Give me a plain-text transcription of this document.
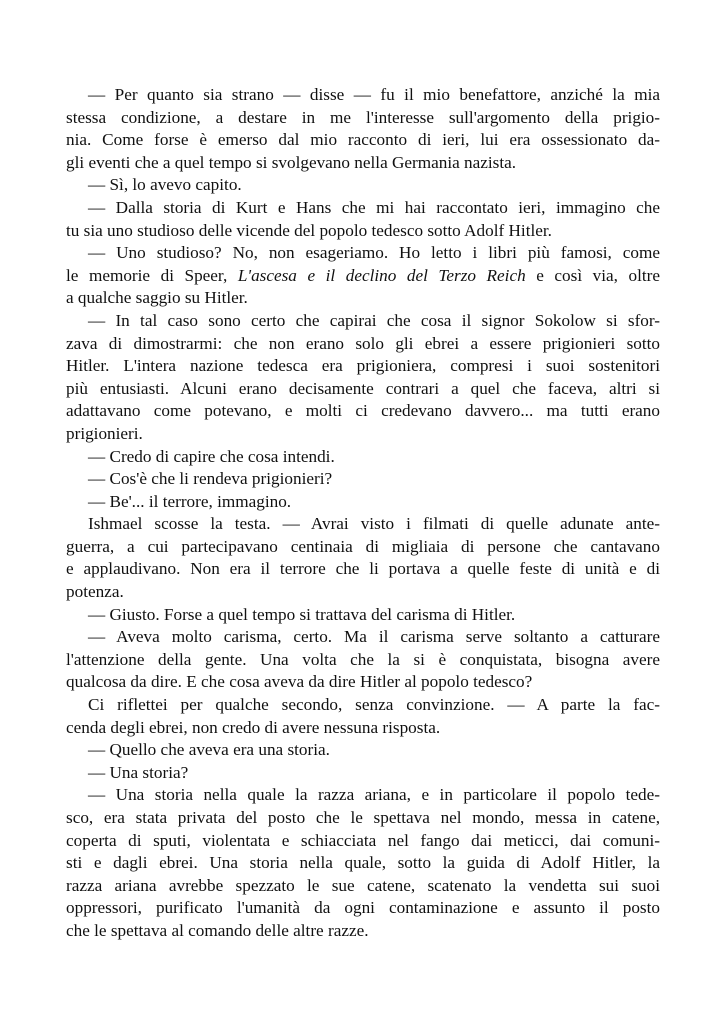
— Per quanto sia strano — disse — fu il mio benefattore, anziché la mia
stessa condizione, a destare in me l'interesse sull'argomento della prigio-
nia. Come forse è emerso dal mio racconto di ieri, lui era ossessionato da-
gli eventi che a quel tempo si svolgevano nella Germania nazista.
— Sì, lo avevo capito.
— Dalla storia di Kurt e Hans che mi hai raccontato ieri, immagino che
tu sia uno studioso delle vicende del popolo tedesco sotto Adolf Hitler.
— Uno studioso? No, non esageriamo. Ho letto i libri più famosi, come
le memorie di Speer, L'ascesa e il declino del Terzo Reich e così via, oltre
a qualche saggio su Hitler.
— In tal caso sono certo che capirai che cosa il signor Sokolow si sfor-
zava di dimostrarmi: che non erano solo gli ebrei a essere prigionieri sotto
Hitler. L'intera nazione tedesca era prigioniera, compresi i suoi sostenitori
più entusiasti. Alcuni erano decisamente contrari a quel che faceva, altri si
adattavano come potevano, e molti ci credevano davvero... ma tutti erano
prigionieri.
— Credo di capire che cosa intendi.
— Cos'è che li rendeva prigionieri?
— Be'... il terrore, immagino.
Ishmael scosse la testa. — Avrai visto i filmati di quelle adunate ante-
guerra, a cui partecipavano centinaia di migliaia di persone che cantavano
e applaudivano. Non era il terrore che li portava a quelle feste di unità e di
potenza.
— Giusto. Forse a quel tempo si trattava del carisma di Hitler.
— Aveva molto carisma, certo. Ma il carisma serve soltanto a catturare
l'attenzione della gente. Una volta che la si è conquistata, bisogna avere
qualcosa da dire. E che cosa aveva da dire Hitler al popolo tedesco?
Ci riflettei per qualche secondo, senza convinzione. — A parte la fac-
cenda degli ebrei, non credo di avere nessuna risposta.
— Quello che aveva era una storia.
— Una storia?
— Una storia nella quale la razza ariana, e in particolare il popolo tede-
sco, era stata privata del posto che le spettava nel mondo, messa in catene,
coperta di sputi, violentata e schiacciata nel fango dai meticci, dai comuni-
sti e dagli ebrei. Una storia nella quale, sotto la guida di Adolf Hitler, la
razza ariana avrebbe spezzato le sue catene, scatenato la vendetta sui suoi
oppressori, purificato l'umanità da ogni contaminazione e assunto il posto
che le spettava al comando delle altre razze.
